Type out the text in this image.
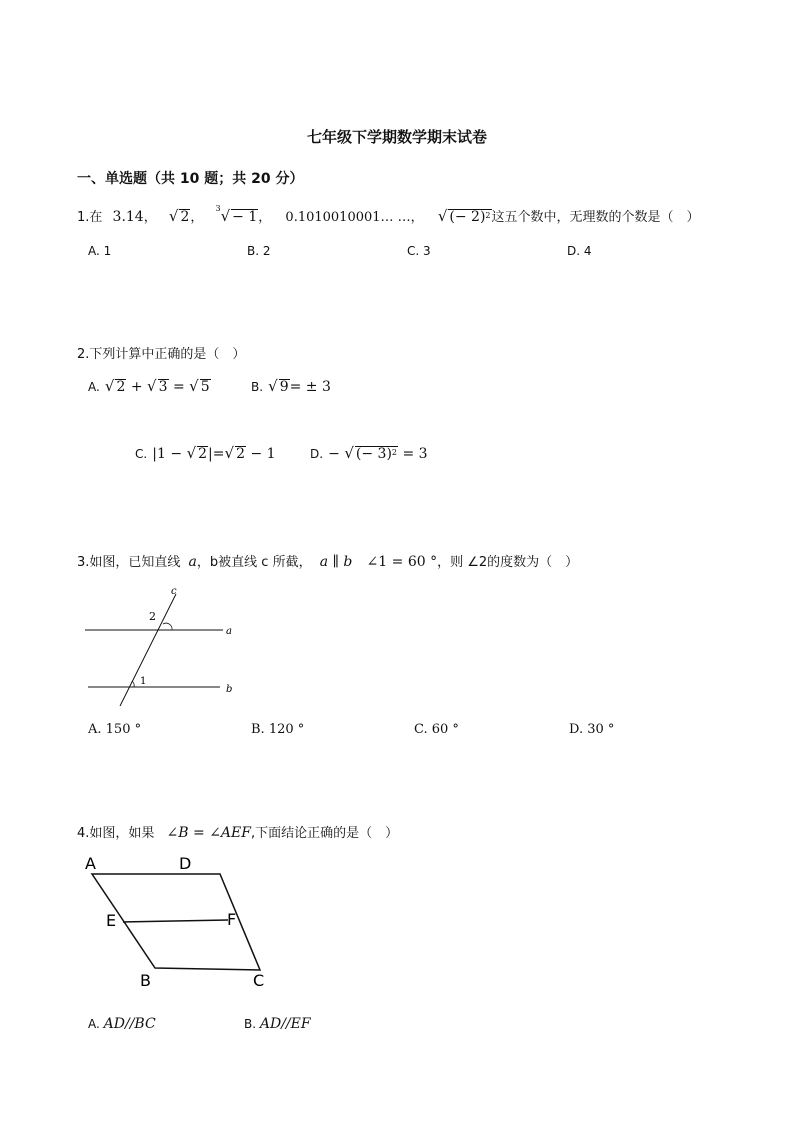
七年级下学期数学期末试卷
一、单选题（共 10 题；共 20 分）
1.在 3.14， √ 2， $^3$√ − 1， 0.1010010001… …， √ (− 2)$^2$这五个数中，无理数的个数是（　）
A. 1	B. 2	C. 3	D. 4
2.下列计算中正确的是（　）
A. √ 2 + √ 3 = √ 5	B. √ 9= ± 3
C. |1 − √ 2|=√ 2 − 1	D. − √ (− 3)$^2$ = 3
3.如图，已知直线 a，b被直线 c 所截， a ∥ b ∠1 = 60 °，则 ∠2的度数为（　）
c
a
b
2
1
A. 150 °	B. 120 °	C. 60 °	D. 30 °
4.如图，如果 ∠B = ∠AEF,下面结论正确的是（　）
A	D
E	F
B	C
A. AD//BC	B. AD//EF
